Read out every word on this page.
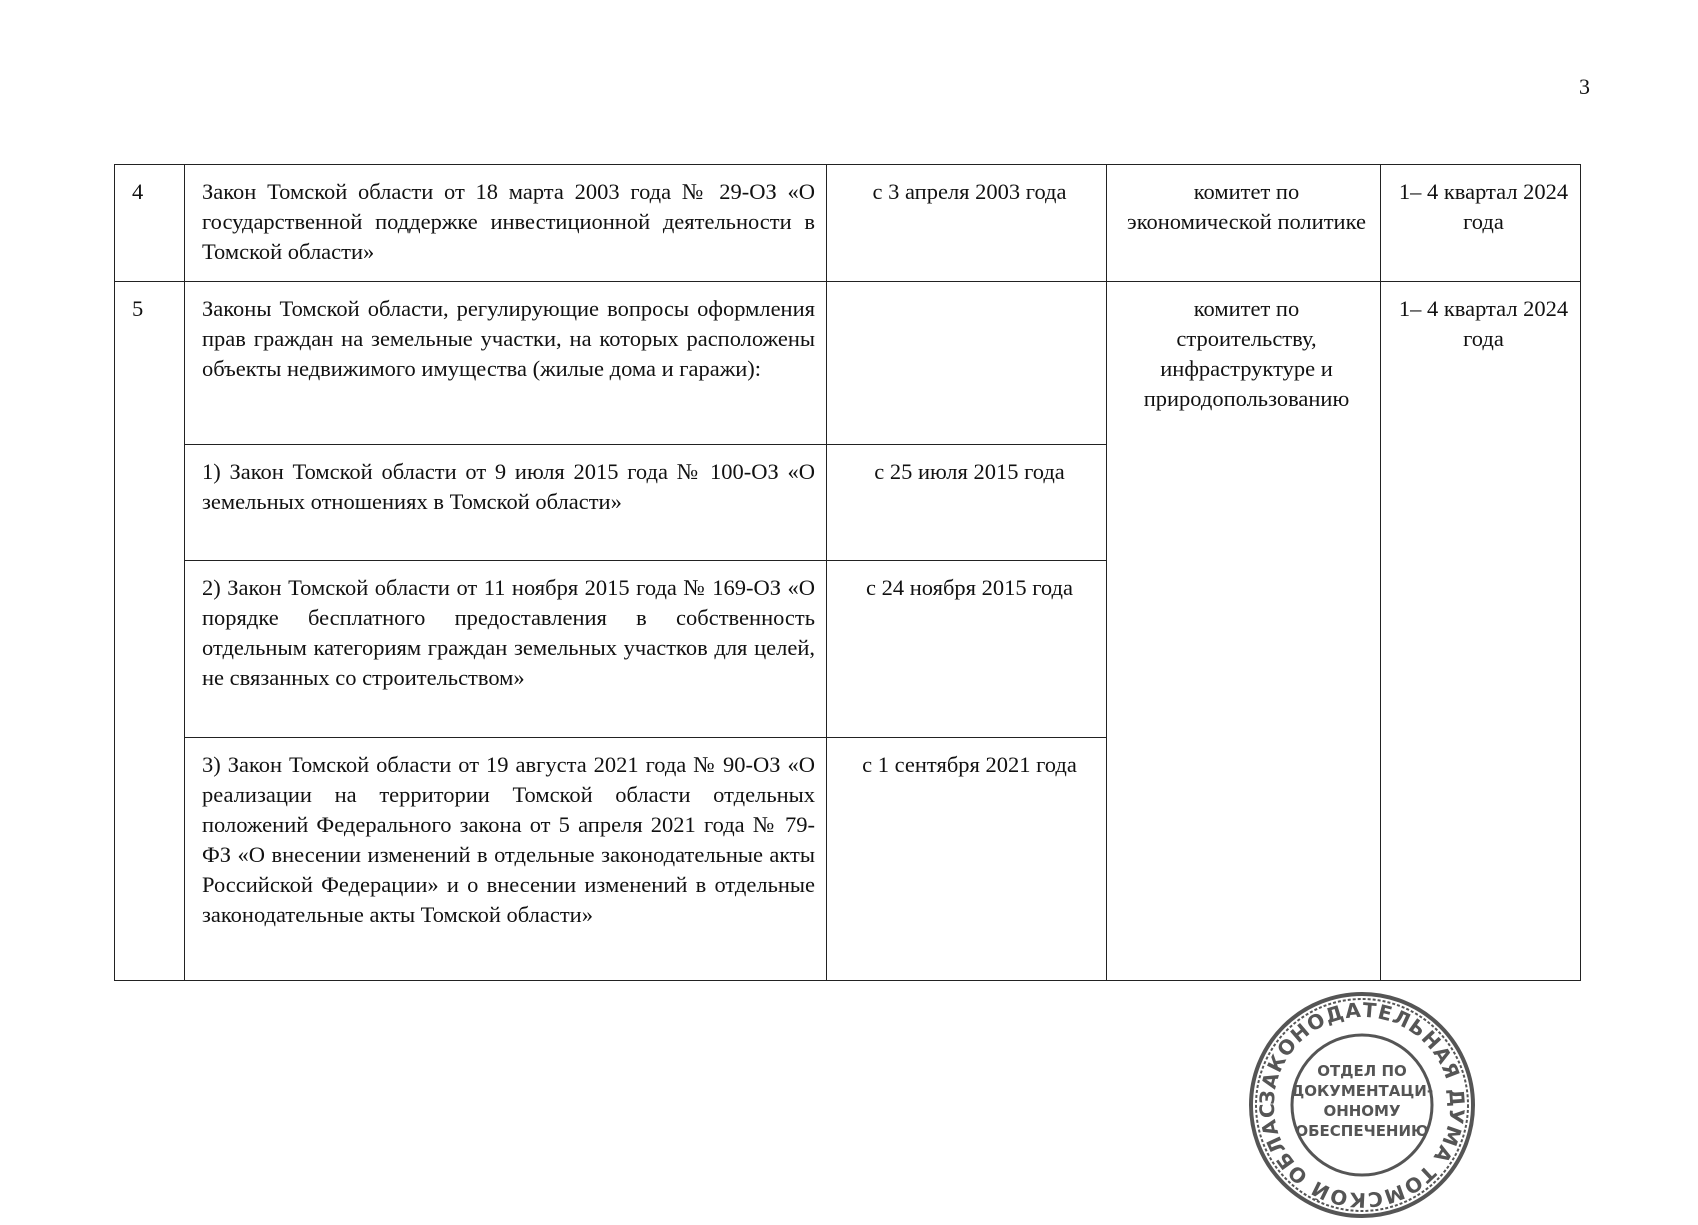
3
4	Закон Томской области от 18 марта 2003 года № 29-ОЗ «О государственной поддержке инвестиционной деятельности в Томской области»	с 3 апреля 2003 года	комитет по экономической политике	1– 4 квартал 2024 года
5	Законы Томской области, регулирующие вопросы оформления прав граждан на земельные участки, на которых расположены объекты недвижимого имущества (жилые дома и гаражи):		комитет по строительству, инфраструктуре и природопользованию	1– 4 квартал 2024 года
	1) Закон Томской области от 9 июля 2015 года № 100-ОЗ «О земельных отношениях в Томской области»	с 25 июля 2015 года		
	2) Закон Томской области от 11 ноября 2015 года № 169-ОЗ «О порядке бесплатного предоставления в собственность отдельным категориям граждан земельных участков для целей, не связанных со строительством»	с 24 ноября 2015 года		
	3) Закон Томской области от 19 августа 2021 года № 90-ОЗ «О реализации на территории Томской области отдельных положений Федерального закона от 5 апреля 2021 года № 79-ФЗ «О внесении изменений в отдельные законодательные акты Российской Федерации» и о внесении изменений в отдельные законодательные акты Томской области»	с 1 сентября 2021 года		
ЗАКОНОДАТЕЛЬНАЯ ДУМА ТОМСКОЙ ОБЛАС
ОТДЕЛ ПО
ДОКУМЕНТАЦИ-
ОННОМУ
ОБЕСПЕЧЕНИЮ
